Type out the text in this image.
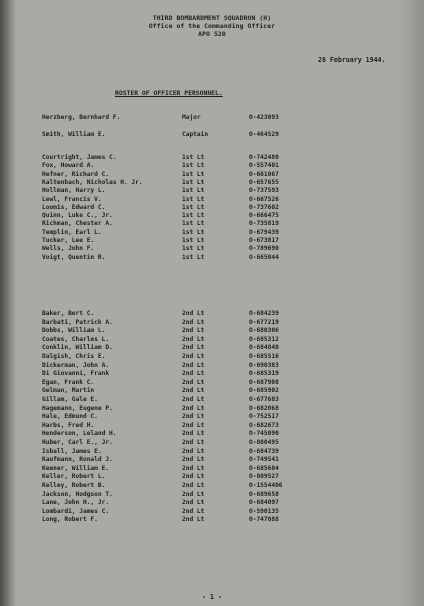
THIRD BOMBARDMENT SQUADRON (H)
Office of the Commanding Officer
APO 520
26 February 1944.
ROSTER OF OFFICER PERSONNEL.
Herzberg, Bernhard F.	Major	O-423093
Smith, William E.	Captain	O-464529
Courtright, James C.	1st Lt	O-742480
Fox, Howard A.	1st Lt	O-557401
Hefner, Richard C.	1st Lt	O-661067
Kaltenbach, Nicholas H. Jr.	1st Lt	O-657655
Hollman, Harry L.	1st Lt	O-737593
Lewl, Francis V.	1st Lt	O-667526
Loomis, Edward C.	1st Lt	O-737602
Quinn, Luke C., Jr.	1st Lt	O-666475
Richman, Chester A.	1st Lt	O-735819
Templin, Earl L.	1st Lt	O-679439
Tucker, Lee E.	1st Lt	O-673817
Wells, John F.	1st Lt	O-789690
Voigt, Quentin R.	1st Lt	O-665044
Baker, Bert C.	2nd Lt	O-684239
Barbati, Patrick A.	2nd Lt	O-677219
Dobbs, William L.	2nd Lt	O-680306
Coates, Charles L.	2nd Lt	O-685312
Conklin, William D.	2nd Lt	O-684840
Dalgish, Chris E.	2nd Lt	O-685516
Dickerman, John A.	2nd Lt	O-690383
Di Giovanni, Frank	2nd Lt	O-685319
Egan, Frank C.	2nd Lt	O-687908
Gelman, Martin	2nd Lt	O-685902
Gillam, Gale E.	2nd Lt	O-677683
Hagemann, Eugene P.	2nd Lt	O-682068
Hale, Edmund C.	2nd Lt	O-752517
Harbs, Fred H.	2nd Lt	O-682673
Henderson, Leland H.	2nd Lt	O-745090
Huber, Carl E., Jr.	2nd Lt	O-800495
Isball, James E.	2nd Lt	O-684739
Kaufmann, Ronald J.	2nd Lt	O-749541
Keener, William E.	2nd Lt	O-685604
Keller, Robert L.	2nd Lt	O-809527
Kelley, Robert B.	2nd Lt	O-1554406
Jackson, Hodgson T.	2nd Lt	O-689658
Lane, John H., Jr.	2nd Lt	O-684097
Lombardi, James C.	2nd Lt	O-590135
Long, Robert F.	2nd Lt	O-747088
- 1 -
